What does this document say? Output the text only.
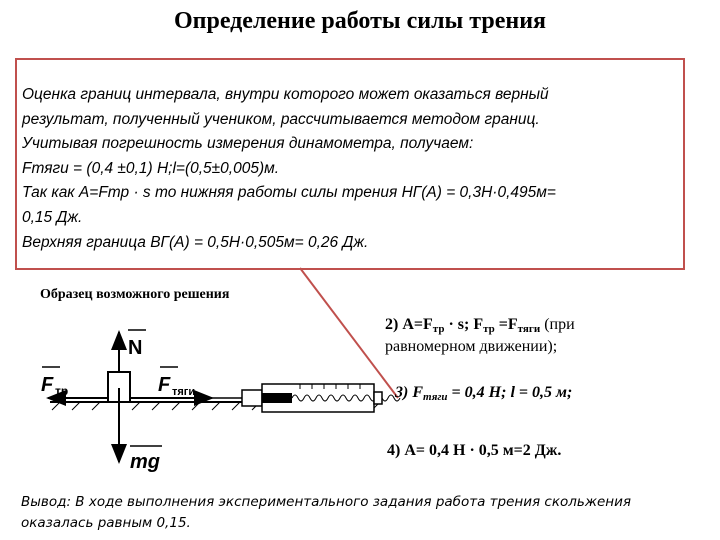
Определение работы силы трения
Оценка границ интервала, внутри которого может оказаться верный
результат, полученный учеником, рассчитывается методом границ.
Учитывая погрешность измерения динамометра, получаем:
Fтяги = (0,4 ±0,1) Н;l=(0,5±0,005)м.
Так как А=Fтр · s то нижняя работы силы трения НГ(А) = 0,3Н·0,495м=
0,15 Дж.
Верхняя граница ВГ(А) = 0,5Н·0,505м= 0,26 Дж.
Образец возможного решения
N
F тр	F тяги
mg
2) $А=F_{тр} \cdot s$; $F_{тр} =F_{тяги}$ (при
равномерном движении);
3) $F_{тяги} = 0,4$ Н; l = 0,5 м;
4) А= 0,4 Н · 0,5 м=2 Дж.
Вывод: В ходе выполнения экспериментального задания работа трения скольжения
оказалась равным 0,15.
